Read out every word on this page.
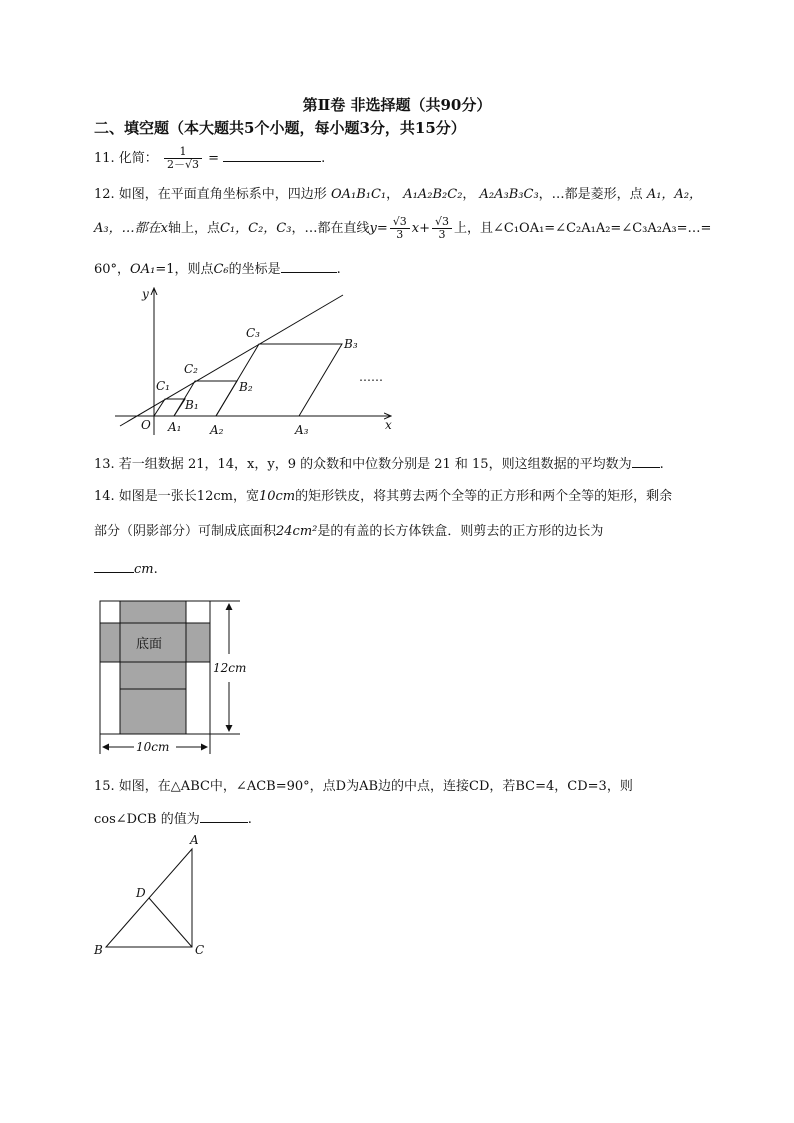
第Ⅱ卷 非选择题（共90分）
二、填空题（本大题共5个小题，每小题3分，共15分）
11. 化简： $\frac{1}{2-√3}$ =	.
12. 如图，在平面直角坐标系中，四边形 OA₁B₁C₁， A₁A₂B₂C₂， A₂A₃B₃C₃，…都是菱形，点 A₁，A₂，
A₃，…都在x轴上，点C₁，C₂，C₃，…都在直线$y= \frac{√3}{3} x+ \frac{√3}{3}$ 上，且∠C₁OA₁=∠C₂A₁A₂=∠C₃A₂A₃=…=
60°，OA₁=1，则点C₆的坐标是	.
x
y
O A₁ A₂	A₃
B₁
B₂
B₃
C₁
C₂
C₃
……
13. 若一组数据 21，14，x，y，9 的众数和中位数分别是 21 和 15，则这组数据的平均数为 .
14. 如图是一张长12cm，宽10cm的矩形铁皮，将其剪去两个全等的正方形和两个全等的矩形，剩余
部分（阴影部分）可制成底面积24cm²是的有盖的长方体铁盒．则剪去的正方形的边长为
cm.
底面
12cm
10cm
15. 如图，在△ABC中，∠ACB=90°，点D为AB边的中点，连接CD，若BC=4，CD=3，则
cos∠DCB 的值为	.
A
B	C
D
